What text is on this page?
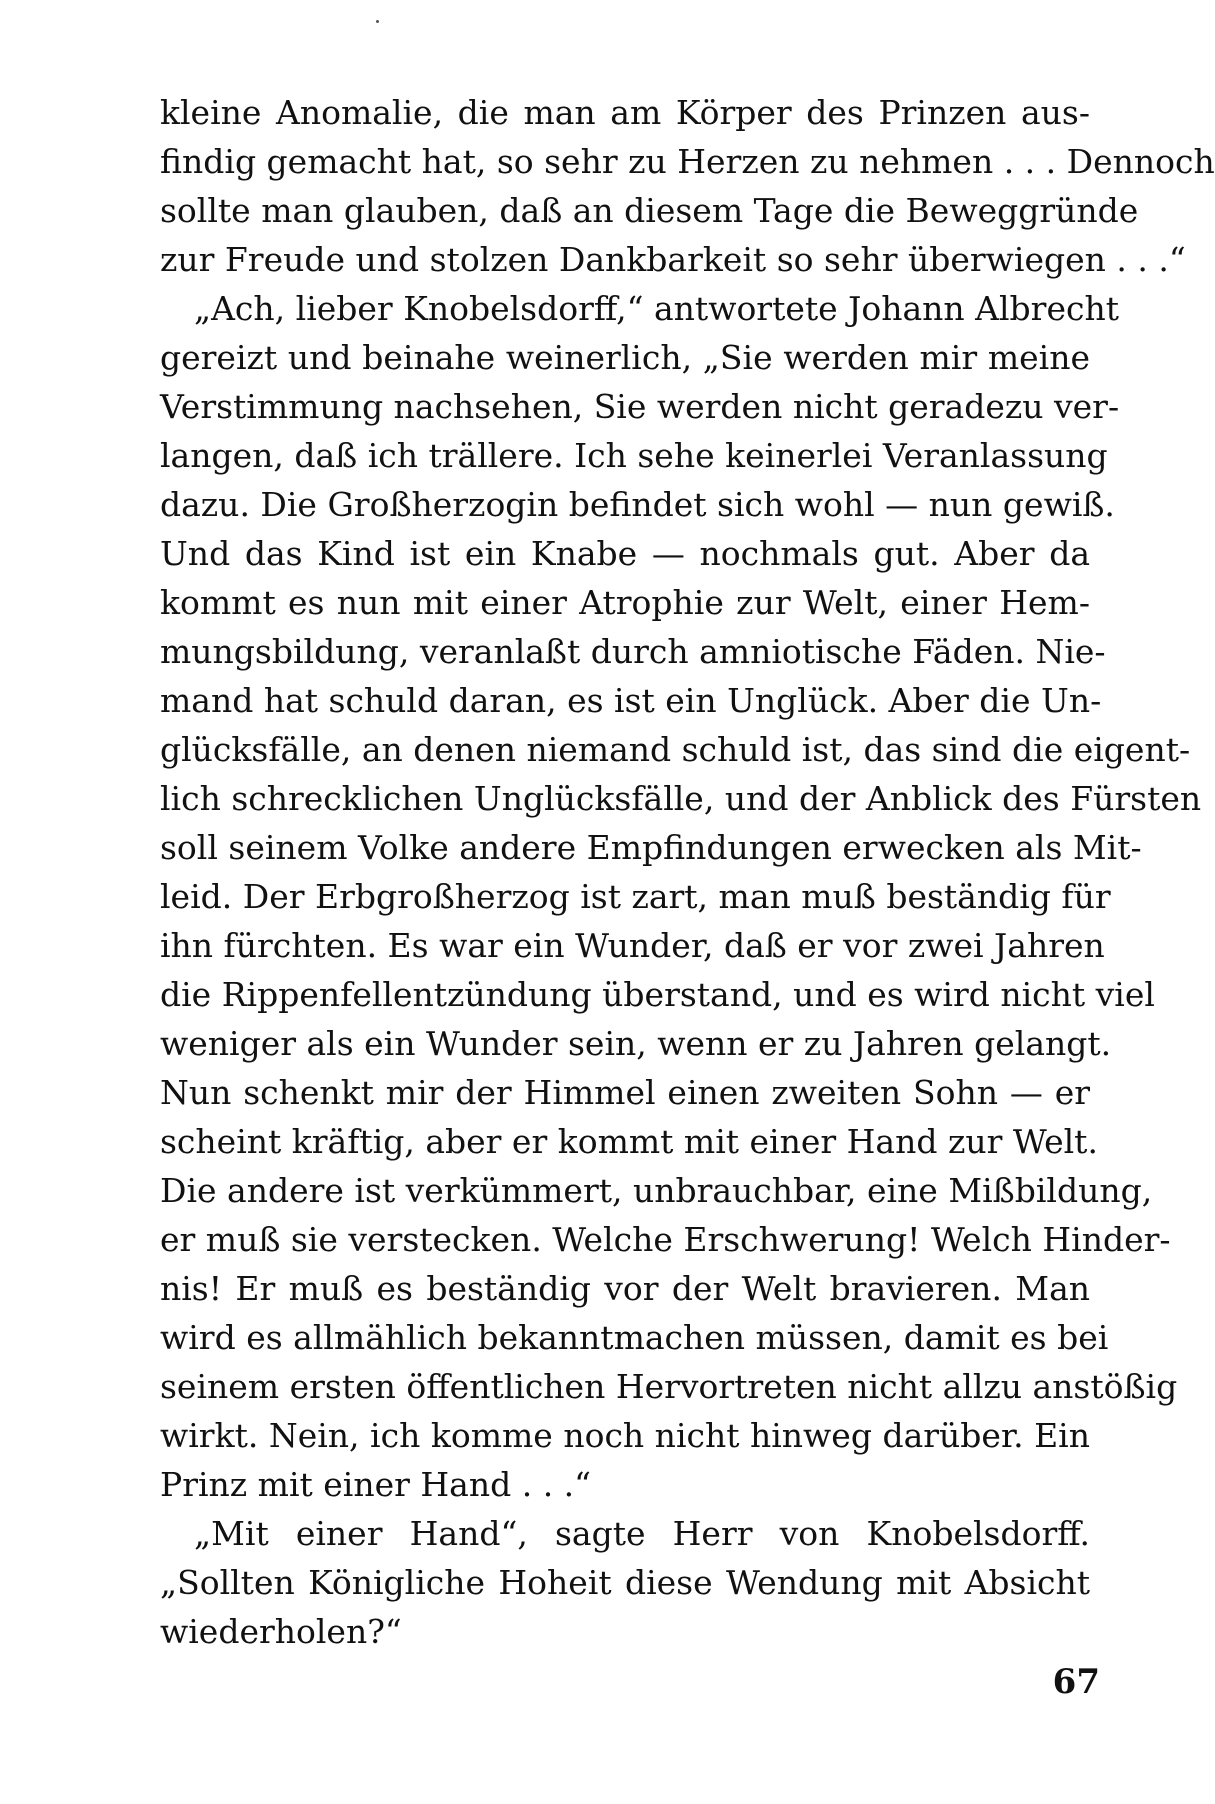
kleine Anomalie, die man am Körper des Prinzen aus-
findig gemacht hat, so sehr zu Herzen zu nehmen . . . Dennoch
sollte man glauben, daß an diesem Tage die Beweggründe
zur Freude und stolzen Dankbarkeit so sehr überwiegen . . .“
„Ach, lieber Knobelsdorff,“ antwortete Johann Albrecht
gereizt und beinahe weinerlich, „Sie werden mir meine
Verstimmung nachsehen, Sie werden nicht geradezu ver-
langen, daß ich trällere. Ich sehe keinerlei Veranlassung
dazu. Die Großherzogin befindet sich wohl — nun gewiß.
Und das Kind ist ein Knabe — nochmals gut. Aber da
kommt es nun mit einer Atrophie zur Welt, einer Hem-
mungsbildung, veranlaßt durch amniotische Fäden. Nie-
mand hat schuld daran, es ist ein Unglück. Aber die Un-
glücksfälle, an denen niemand schuld ist, das sind die eigent-
lich schrecklichen Unglücksfälle, und der Anblick des Fürsten
soll seinem Volke andere Empfindungen erwecken als Mit-
leid. Der Erbgroßherzog ist zart, man muß beständig für
ihn fürchten. Es war ein Wunder, daß er vor zwei Jahren
die Rippenfellentzündung überstand, und es wird nicht viel
weniger als ein Wunder sein, wenn er zu Jahren gelangt.
Nun schenkt mir der Himmel einen zweiten Sohn — er
scheint kräftig, aber er kommt mit einer Hand zur Welt.
Die andere ist verkümmert, unbrauchbar, eine Mißbildung,
er muß sie verstecken. Welche Erschwerung! Welch Hinder-
nis! Er muß es beständig vor der Welt bravieren. Man
wird es allmählich bekanntmachen müssen, damit es bei
seinem ersten öffentlichen Hervortreten nicht allzu anstößig
wirkt. Nein, ich komme noch nicht hinweg darüber. Ein
Prinz mit einer Hand . . .“
„Mit einer Hand“, sagte Herr von Knobelsdorff.
„Sollten Königliche Hoheit diese Wendung mit Absicht
wiederholen?“
67
